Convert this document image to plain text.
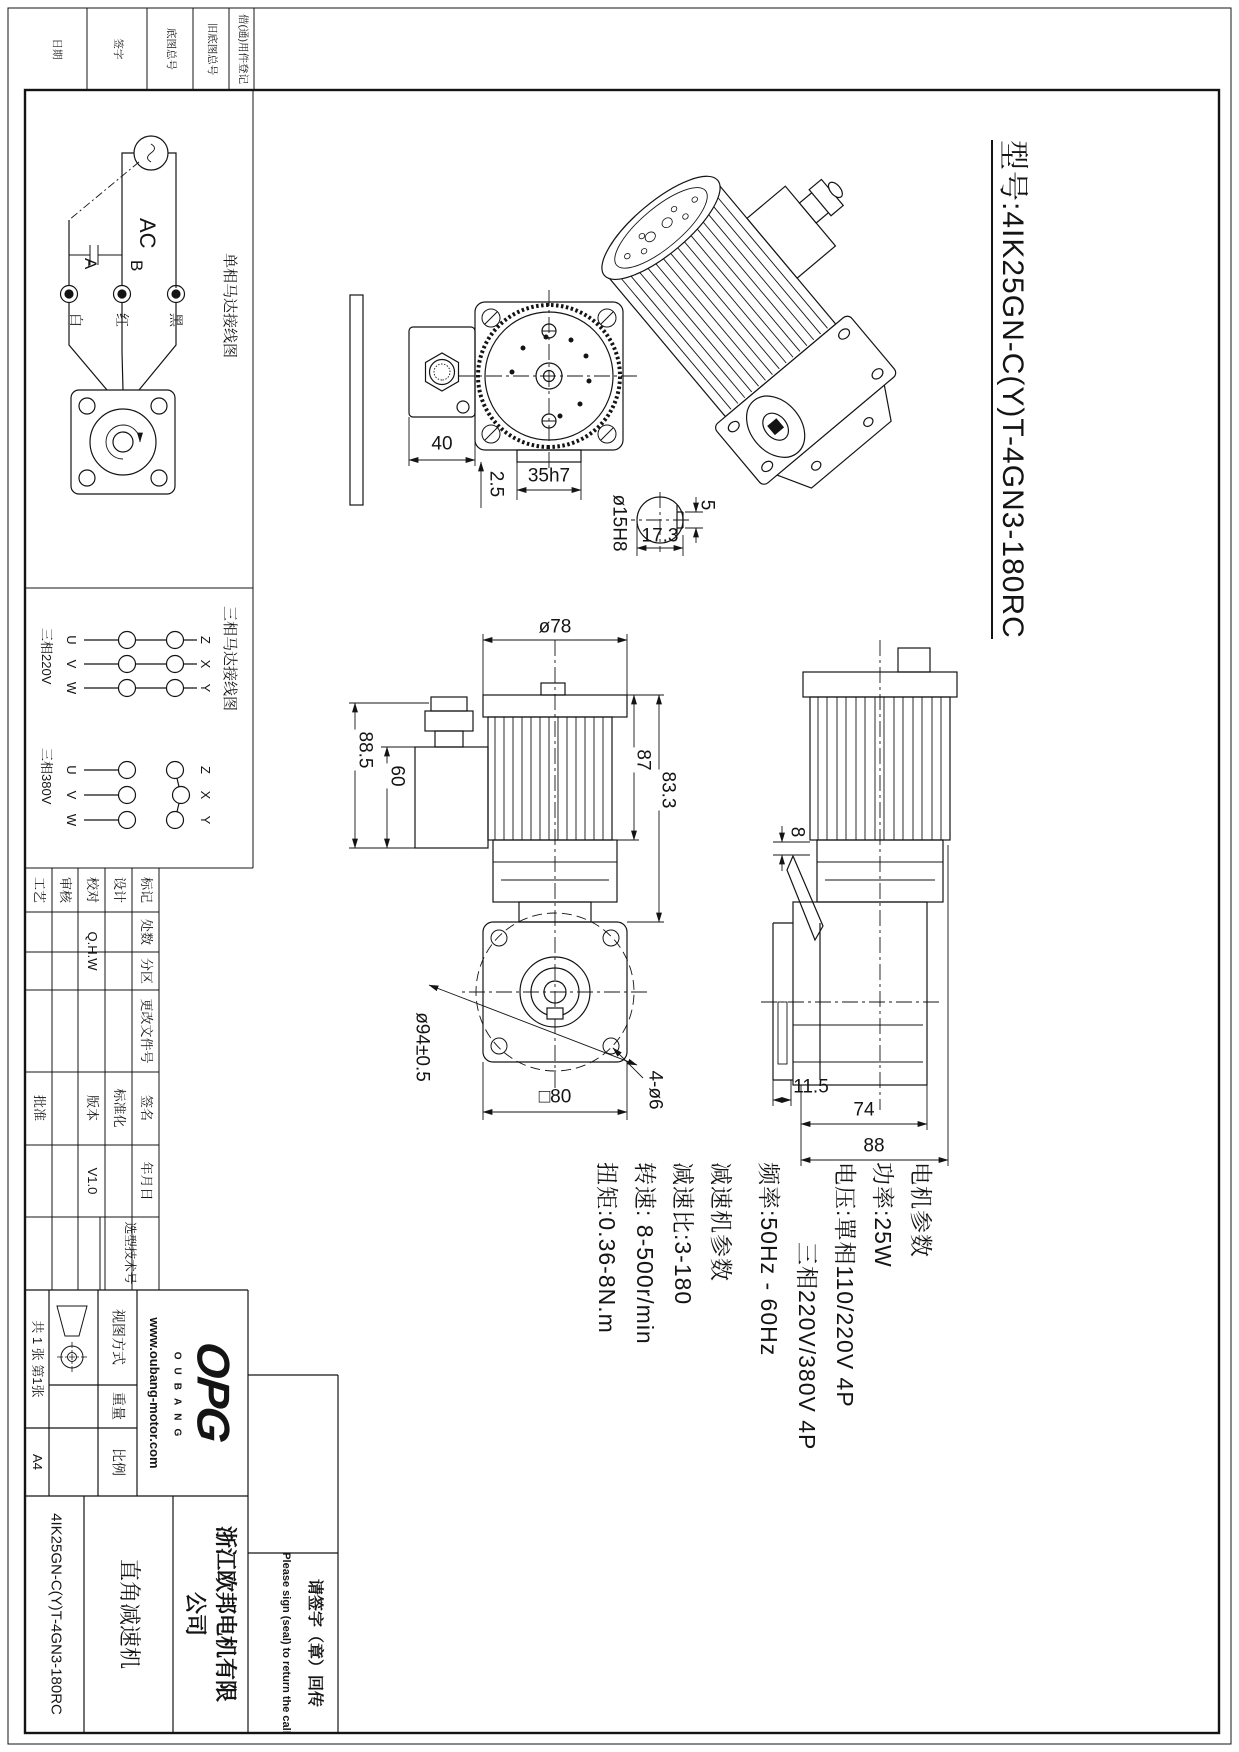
型号:4IK25GN-C(Y)T-4GN3-180RC
借(通)用件登记
旧底图总号
底图总号
签字
日期
电机参数
功率:25W
电压:單相110/220V 4P
三相220V/380V 4P
频率:50Hz - 60Hz
减速机参数
减速比:3-180
转速: 8-500r/min
扭矩:0.36-8N.m
单相马达接线图
AC
A B
白 红	黑
三相马达接线图
U
V
W
Z
X
Y
三相220V
U
V
W
Z
X
Y
三相380V
35h7
40
2.5
5
17.3
ø15H8
ø78
87
83.3
60
88.5
□80
ø94±0.5
4-ø6
8
11.5
74
88
标记
处数
分区
更改文件号
签名
年月日
设计
标准化
校对
Q.H.W
版本
V1.0
审核
工艺
批准
选型技术号
OPG
OUBANG
www.oubang-motor.com
视图方式
重量
比例
共 1 张 第1张
A4
浙江欧邦电机有限
公司
直角减速机
4IK25GN-C(Y)T-4GN3-180RC	请签字（章）回传
Please sign (seal) to return the call
